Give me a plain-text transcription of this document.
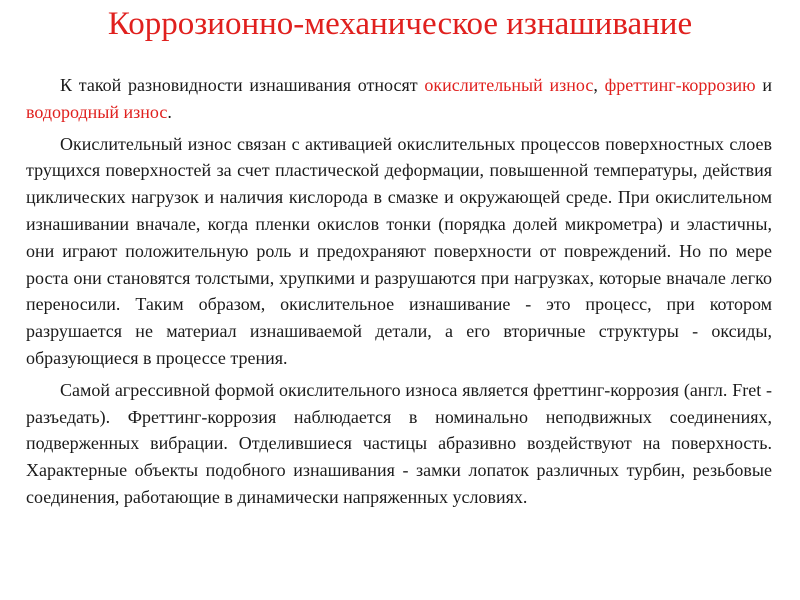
Коррозионно-механическое изнашивание

К такой разновидности изнашивания относят окислительный износ, фреттинг-коррозию и водородный износ.

Окислительный износ связан с активацией окислительных процессов поверхностных слоев трущихся поверхностей за счет пластической деформации, повышенной температуры, действия циклических нагрузок и наличия кислорода в смазке и окружающей среде. При окислительном изнашивании вначале, когда пленки окислов тонки (порядка долей микрометра) и эластичны, они играют положительную роль и предохраняют поверхности от повреждений. Но по мере роста они становятся толстыми, хрупкими и разрушаются при нагрузках, которые вначале легко переносили. Таким образом, окислительное изнашивание - это процесс, при котором разрушается не материал изнашиваемой детали, а его вторичные структуры - оксиды, образующиеся в процессе трения.

Самой агрессивной формой окислительного износа является фреттинг-коррозия (англ. Fret - разъедать). Фреттинг-коррозия наблюдается в номинально неподвижных соединениях, подверженных вибрации. Отделившиеся частицы абразивно воздействуют на поверхность. Характерные объекты подобного изнашивания - замки лопаток различных турбин, резьбовые соединения, работающие в динамически напряженных условиях.
